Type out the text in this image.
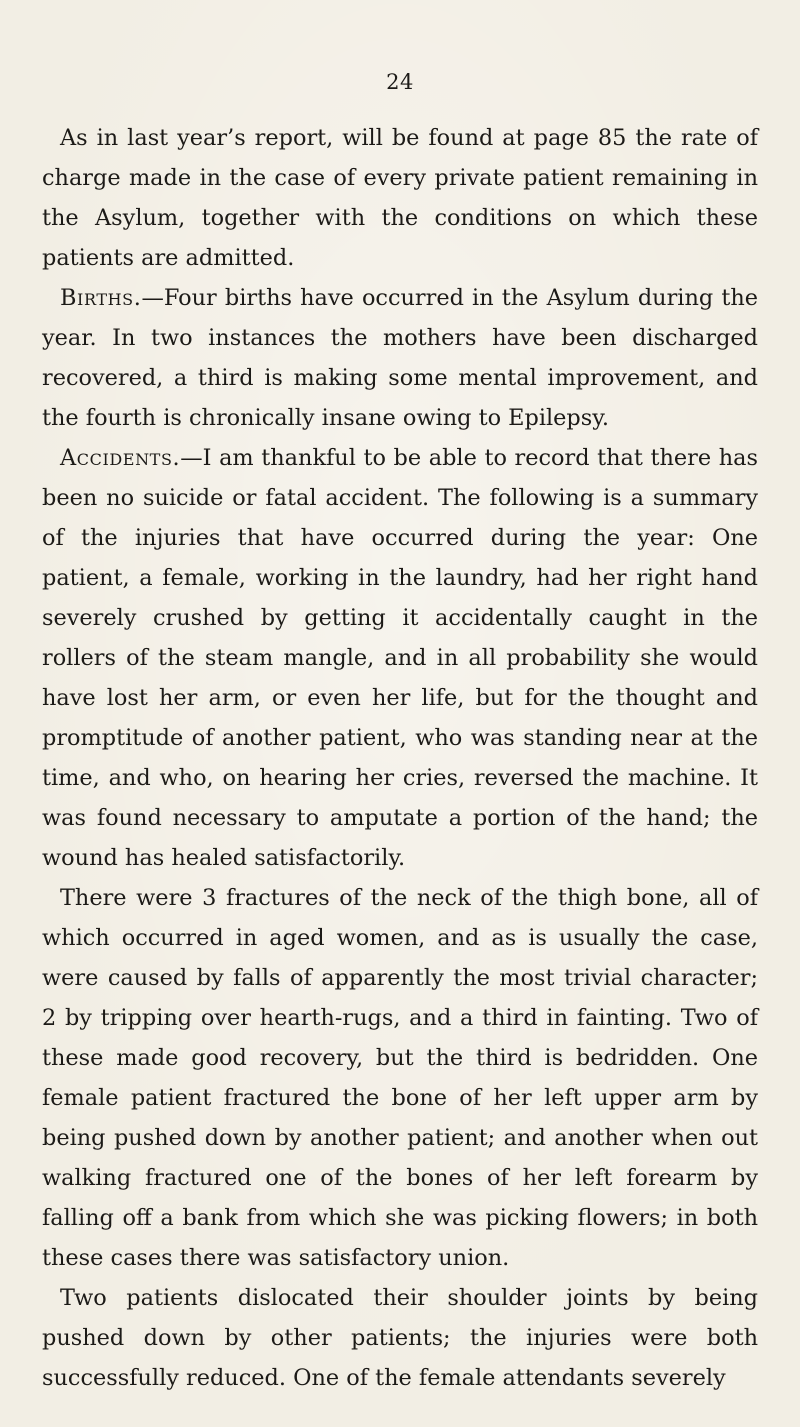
24

As in last year’s report, will be found at page 85 the rate of charge made in the case of every private patient remaining in the Asylum, together with the conditions on which these patients are admitted.

Births.—Four births have occurred in the Asylum during the year. In two instances the mothers have been discharged recovered, a third is making some mental improvement, and the fourth is chronically insane owing to Epilepsy.

Accidents.—I am thankful to be able to record that there has been no suicide or fatal accident. The following is a summary of the injuries that have occurred during the year: One patient, a female, working in the laundry, had her right hand severely crushed by getting it accidentally caught in the rollers of the steam mangle, and in all probability she would have lost her arm, or even her life, but for the thought and promptitude of another patient, who was standing near at the time, and who, on hearing her cries, reversed the machine. It was found necessary to amputate a portion of the hand; the wound has healed satisfactorily.

There were 3 fractures of the neck of the thigh bone, all of which occurred in aged women, and as is usually the case, were caused by falls of apparently the most trivial character; 2 by tripping over hearth-rugs, and a third in fainting. Two of these made good recovery, but the third is bedridden. One female patient fractured the bone of her left upper arm by being pushed down by another patient; and another when out walking fractured one of the bones of her left forearm by falling off a bank from which she was picking flowers; in both these cases there was satisfactory union.

Two patients dislocated their shoulder joints by being pushed down by other patients; the injuries were both successfully reduced. One of the female attendants severely
